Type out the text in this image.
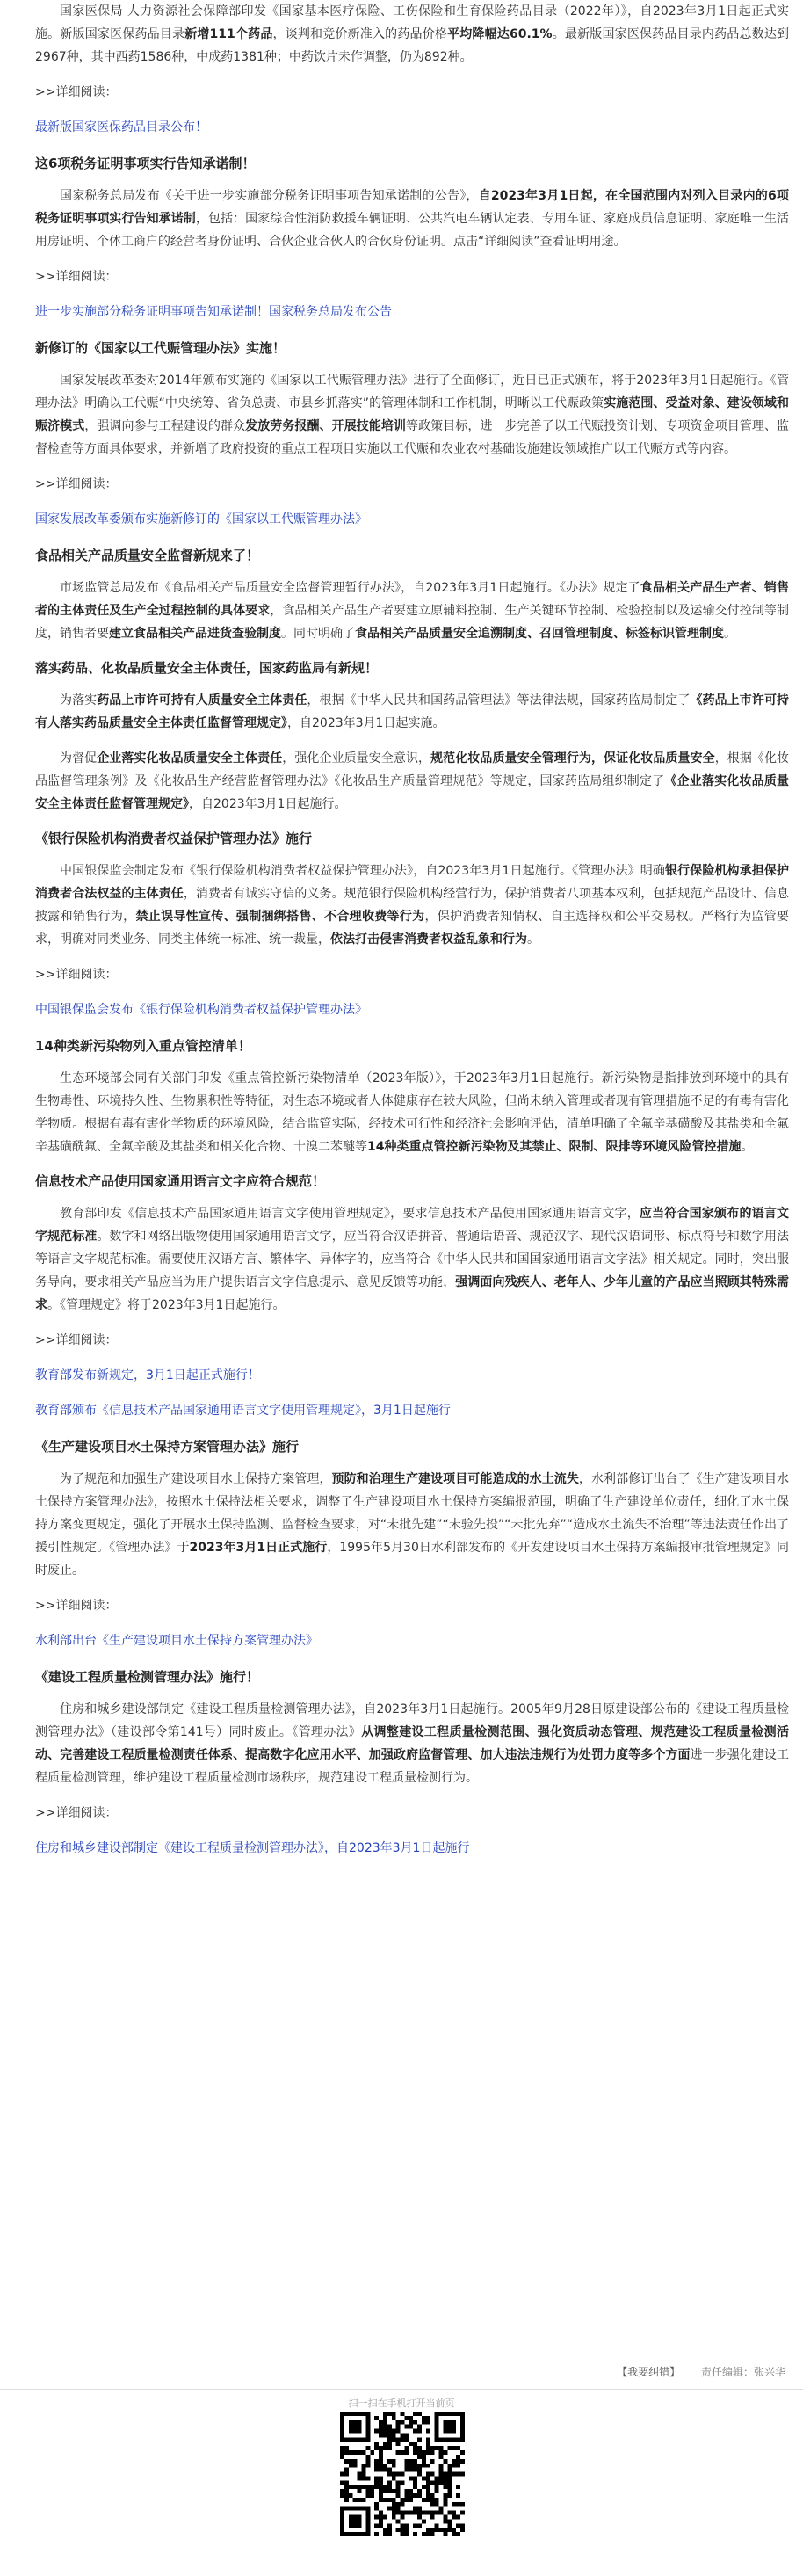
国家医保局 人力资源社会保障部印发《国家基本医疗保险、工伤保险和生育保险药品目录（2022年）》，自2023年3月1日起正式实施。新版国家医保药品目录新增111个药品，谈判和竞价新准入的药品价格平均降幅达60.1%。最新版国家医保药品目录内药品总数达到2967种，其中西药1586种，中成药1381种；中药饮片未作调整，仍为892种。

>>详细阅读：
最新版国家医保药品目录公布！
这6项税务证明事项实行告知承诺制！

国家税务总局发布《关于进一步实施部分税务证明事项告知承诺制的公告》，自2023年3月1日起，在全国范围内对列入目录内的6项税务证明事项实行告知承诺制，包括：国家综合性消防救援车辆证明、公共汽电车辆认定表、专用车证、家庭成员信息证明、家庭唯一生活用房证明、个体工商户的经营者身份证明、合伙企业合伙人的合伙身份证明。点击“详细阅读”查看证明用途。

>>详细阅读：
进一步实施部分税务证明事项告知承诺制！国家税务总局发布公告
新修订的《国家以工代赈管理办法》实施！

国家发展改革委对2014年颁布实施的《国家以工代赈管理办法》进行了全面修订，近日已正式颁布，将于2023年3月1日起施行。《管理办法》明确以工代赈“中央统筹、省负总责、市县乡抓落实”的管理体制和工作机制，明晰以工代赈政策实施范围、受益对象、建设领域和赈济模式，强调向参与工程建设的群众发放劳务报酬、开展技能培训等政策目标，进一步完善了以工代赈投资计划、专项资金项目管理、监督检查等方面具体要求，并新增了政府投资的重点工程项目实施以工代赈和农业农村基础设施建设领域推广以工代赈方式等内容。

>>详细阅读：
国家发展改革委颁布实施新修订的《国家以工代赈管理办法》
食品相关产品质量安全监督新规来了！

市场监管总局发布《食品相关产品质量安全监督管理暂行办法》，自2023年3月1日起施行。《办法》规定了食品相关产品生产者、销售者的主体责任及生产全过程控制的具体要求，食品相关产品生产者要建立原辅料控制、生产关键环节控制、检验控制以及运输交付控制等制度，销售者要建立食品相关产品进货查验制度。同时明确了食品相关产品质量安全追溯制度、召回管理制度、标签标识管理制度。

落实药品、化妆品质量安全主体责任，国家药监局有新规！

为落实药品上市许可持有人质量安全主体责任，根据《中华人民共和国药品管理法》等法律法规，国家药监局制定了《药品上市许可持有人落实药品质量安全主体责任监督管理规定》，自2023年3月1日起实施。

为督促企业落实化妆品质量安全主体责任，强化企业质量安全意识，规范化妆品质量安全管理行为，保证化妆品质量安全，根据《化妆品监督管理条例》及《化妆品生产经营监督管理办法》《化妆品生产质量管理规范》等规定，国家药监局组织制定了《企业落实化妆品质量安全主体责任监督管理规定》，自2023年3月1日起施行。

《银行保险机构消费者权益保护管理办法》施行

中国银保监会制定发布《银行保险机构消费者权益保护管理办法》，自2023年3月1日起施行。《管理办法》明确银行保险机构承担保护消费者合法权益的主体责任，消费者有诚实守信的义务。规范银行保险机构经营行为，保护消费者八项基本权利，包括规范产品设计、信息披露和销售行为，禁止误导性宣传、强制捆绑搭售、不合理收费等行为，保护消费者知情权、自主选择权和公平交易权。严格行为监管要求，明确对同类业务、同类主体统一标准、统一裁量，依法打击侵害消费者权益乱象和行为。

>>详细阅读：
中国银保监会发布《银行保险机构消费者权益保护管理办法》
14种类新污染物列入重点管控清单！

生态环境部会同有关部门印发《重点管控新污染物清单（2023年版）》，于2023年3月1日起施行。新污染物是指排放到环境中的具有生物毒性、环境持久性、生物累积性等特征，对生态环境或者人体健康存在较大风险，但尚未纳入管理或者现有管理措施不足的有毒有害化学物质。根据有毒有害化学物质的环境风险，结合监管实际，经技术可行性和经济社会影响评估，清单明确了全氟辛基磺酸及其盐类和全氟辛基磺酰氟、全氟辛酸及其盐类和相关化合物、十溴二苯醚等14种类重点管控新污染物及其禁止、限制、限排等环境风险管控措施。

信息技术产品使用国家通用语言文字应符合规范！

教育部印发《信息技术产品国家通用语言文字使用管理规定》，要求信息技术产品使用国家通用语言文字，应当符合国家颁布的语言文字规范标准。数字和网络出版物使用国家通用语言文字，应当符合汉语拼音、普通话语音、规范汉字、现代汉语词形、标点符号和数字用法等语言文字规范标准。需要使用汉语方言、繁体字、异体字的，应当符合《中华人民共和国国家通用语言文字法》相关规定。同时，突出服务导向，要求相关产品应当为用户提供语言文字信息提示、意见反馈等功能，强调面向残疾人、老年人、少年儿童的产品应当照顾其特殊需求。《管理规定》将于2023年3月1日起施行。

>>详细阅读：
教育部发布新规定，3月1日起正式施行！
教育部颁布《信息技术产品国家通用语言文字使用管理规定》，3月1日起施行
《生产建设项目水土保持方案管理办法》施行

为了规范和加强生产建设项目水土保持方案管理，预防和治理生产建设项目可能造成的水土流失，水利部修订出台了《生产建设项目水土保持方案管理办法》，按照水土保持法相关要求，调整了生产建设项目水土保持方案编报范围，明确了生产建设单位责任，细化了水土保持方案变更规定，强化了开展水土保持监测、监督检查要求，对“未批先建”“未验先投”“未批先弃”“造成水土流失不治理”等违法责任作出了援引性规定。《管理办法》于2023年3月1日正式施行，1995年5月30日水利部发布的《开发建设项目水土保持方案编报审批管理规定》同时废止。

>>详细阅读：
水利部出台《生产建设项目水土保持方案管理办法》
《建设工程质量检测管理办法》施行！

住房和城乡建设部制定《建设工程质量检测管理办法》，自2023年3月1日起施行。2005年9月28日原建设部公布的《建设工程质量检测管理办法》（建设部令第141号）同时废止。《管理办法》从调整建设工程质量检测范围、强化资质动态管理、规范建设工程质量检测活动、完善建设工程质量检测责任体系、提高数字化应用水平、加强政府监督管理、加大违法违规行为处罚力度等多个方面进一步强化建设工程质量检测管理，维护建设工程质量检测市场秩序，规范建设工程质量检测行为。

>>详细阅读：
住房和城乡建设部制定《建设工程质量检测管理办法》，自2023年3月1日起施行
【我要纠错】 责任编辑：张兴华
扫一扫在手机打开当前页
